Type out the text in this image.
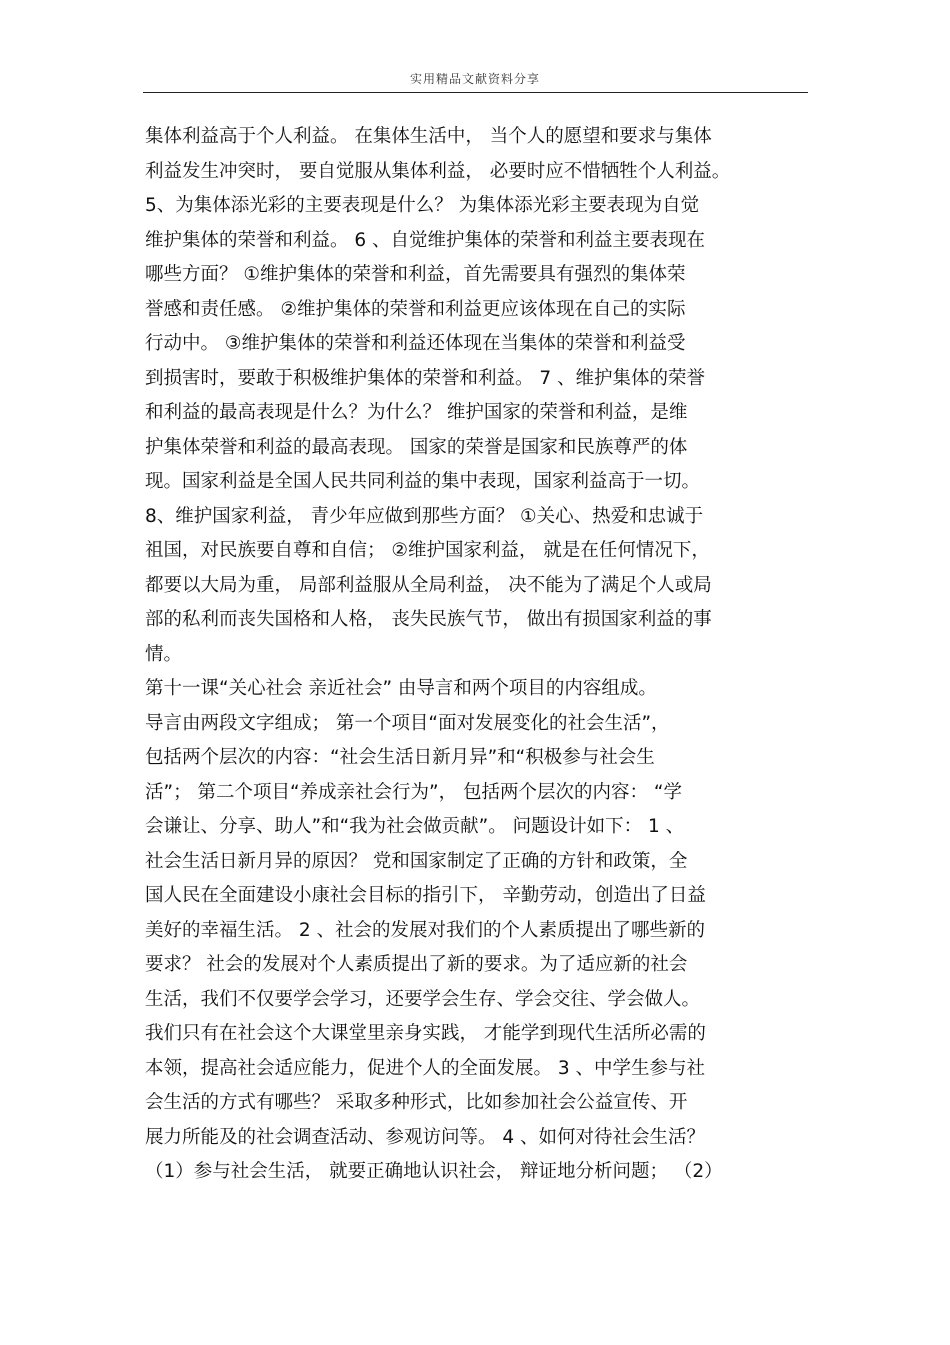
实用精品文献资料分享
集体利益高于个人利益。 在集体生活中， 当个人的愿望和要求与集体
利益发生冲突时， 要自觉服从集体利益， 必要时应不惜牺牲个人利益。
5、为集体添光彩的主要表现是什么？ 为集体添光彩主要表现为自觉
维护集体的荣誉和利益。 6 、自觉维护集体的荣誉和利益主要表现在
哪些方面？ ①维护集体的荣誉和利益，首先需要具有强烈的集体荣
誉感和责任感。 ②维护集体的荣誉和利益更应该体现在自己的实际
行动中。 ③维护集体的荣誉和利益还体现在当集体的荣誉和利益受
到损害时，要敢于积极维护集体的荣誉和利益。 7 、维护集体的荣誉
和利益的最高表现是什么？为什么？ 维护国家的荣誉和利益，是维
护集体荣誉和利益的最高表现。 国家的荣誉是国家和民族尊严的体
现。国家利益是全国人民共同利益的集中表现，国家利益高于一切。
8、维护国家利益， 青少年应做到那些方面？ ①关心、热爱和忠诚于
祖国，对民族要自尊和自信； ②维护国家利益， 就是在任何情况下，
都要以大局为重， 局部利益服从全局利益， 决不能为了满足个人或局
部的私利而丧失国格和人格， 丧失民族气节， 做出有损国家利益的事
情。
第十一课“关心社会 亲近社会” 由导言和两个项目的内容组成。
导言由两段文字组成； 第一个项目“面对发展变化的社会生活”，
包括两个层次的内容：“社会生活日新月异”和“积极参与社会生
活”； 第二个项目“养成亲社会行为”， 包括两个层次的内容： “学
会谦让、分享、助人”和“我为社会做贡献”。 问题设计如下： 1 、
社会生活日新月异的原因？ 党和国家制定了正确的方针和政策，全
国人民在全面建设小康社会目标的指引下， 辛勤劳动，创造出了日益
美好的幸福生活。 2 、社会的发展对我们的个人素质提出了哪些新的
要求？ 社会的发展对个人素质提出了新的要求。为了适应新的社会
生活，我们不仅要学会学习，还要学会生存、学会交往、学会做人。
我们只有在社会这个大课堂里亲身实践， 才能学到现代生活所必需的
本领，提高社会适应能力，促进个人的全面发展。 3 、中学生参与社
会生活的方式有哪些？ 采取多种形式，比如参加社会公益宣传、开
展力所能及的社会调查活动、参观访问等。 4 、如何对待社会生活？
（1）参与社会生活， 就要正确地认识社会， 辩证地分析问题； （2）
